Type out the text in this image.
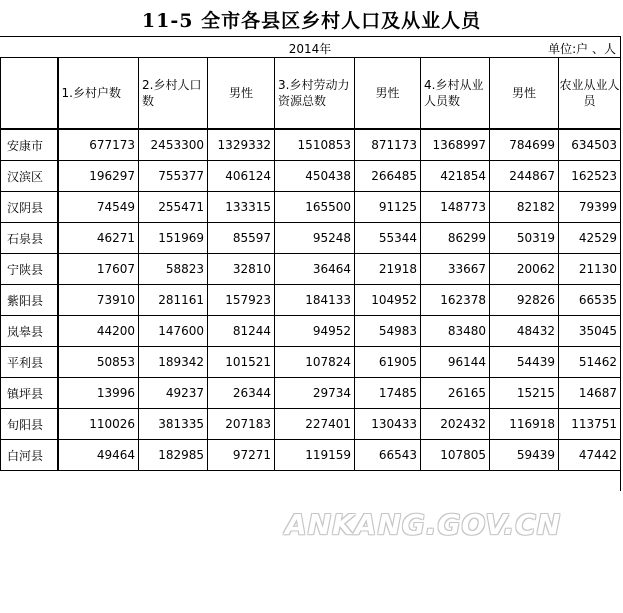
11-5 全市各县区乡村人口及从业人员
2014年	单位:户 、人
	1.乡村户数	2.乡村人口数	男性	3.乡村劳动力资源总数	男性	4.乡村从业人员数	男性	农业从业人员
安康市	677173	2453300	1329332	1510853	871173	1368997	784699	634503
汉滨区	196297	755377	406124	450438	266485	421854	244867	162523
汉阴县	74549	255471	133315	165500	91125	148773	82182	79399
石泉县	46271	151969	85597	95248	55344	86299	50319	42529
宁陕县	17607	58823	32810	36464	21918	33667	20062	21130
紫阳县	73910	281161	157923	184133	104952	162378	92826	66535
岚皋县	44200	147600	81244	94952	54983	83480	48432	35045
平利县	50853	189342	101521	107824	61905	96144	54439	51462
镇坪县	13996	49237	26344	29734	17485	26165	15215	14687
旬阳县	110026	381335	207183	227401	130433	202432	116918	113751
白河县	49464	182985	97271	119159	66543	107805	59439	47442
ANKANG.GOV.CN
